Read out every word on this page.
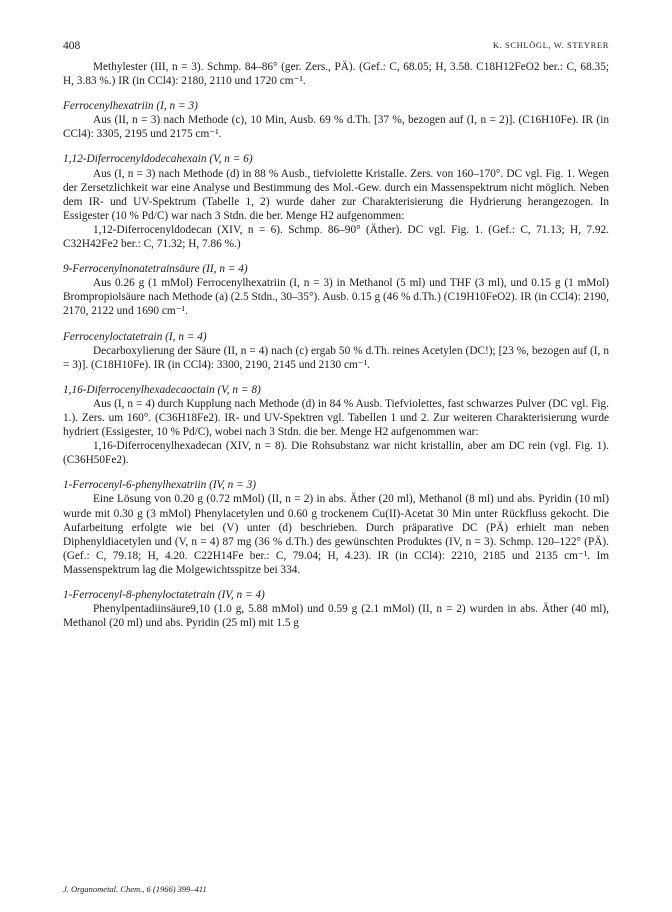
408	K. SCHLÖGL, W. STEYRER

Methylester (III, n = 3). Schmp. 84–86° (ger. Zers., PÄ). (Gef.: C, 68.05; H, 3.58. C18H12FeO2 ber.: C, 68.35; H, 3.83 %.) IR (in CCl4): 2180, 2110 und 1720 cm⁻¹.

Ferrocenylhexatriin (I, n = 3)

Aus (II, n = 3) nach Methode (c), 10 Min, Ausb. 69 % d.Th. [37 %, bezogen auf (I, n = 2)]. (C16H10Fe). IR (in CCl4): 3305, 2195 und 2175 cm⁻¹.

1,12-Diferrocenyldodecahexain (V, n = 6)

Aus (I, n = 3) nach Methode (d) in 88 % Ausb., tiefviolette Kristalle. Zers. von 160–170°. DC vgl. Fig. 1. Wegen der Zersetzlichkeit war eine Analyse und Bestimmung des Mol.-Gew. durch ein Massenspektrum nicht möglich. Neben dem IR- und UV-Spektrum (Tabelle 1, 2) wurde daher zur Charakterisierung die Hydrierung herangezogen. In Essigester (10 % Pd/C) war nach 3 Stdn. die ber. Menge H2 aufgenommen:

1,12-Diferrocenyldodecan (XIV, n = 6). Schmp. 86–90° (Äther). DC vgl. Fig. 1. (Gef.: C, 71.13; H, 7.92. C32H42Fe2 ber.: C, 71.32; H, 7.86 %.)

9-Ferrocenylnonatetrainsäure (II, n = 4)

Aus 0.26 g (1 mMol) Ferrocenylhexatriin (I, n = 3) in Methanol (5 ml) und THF (3 ml), und 0.15 g (1 mMol) Brompropiolsäure nach Methode (a) (2.5 Stdn., 30–35°). Ausb. 0.15 g (46 % d.Th.) (C19H10FeO2). IR (in CCl4): 2190, 2170, 2122 und 1690 cm⁻¹.

Ferrocenyloctatetrain (I, n = 4)

Decarboxylierung der Säure (II, n = 4) nach (c) ergab 50 % d.Th. reines Acetylen (DC!); [23 %, bezogen auf (I, n = 3)]. (C18H10Fe). IR (in CCl4): 3300, 2190, 2145 und 2130 cm⁻¹.

1,16-Diferrocenylhexadecaoctain (V, n = 8)

Aus (I, n = 4) durch Kupplung nach Methode (d) in 84 % Ausb. Tiefviolettes, fast schwarzes Pulver (DC vgl. Fig. 1.). Zers. um 160°. (C36H18Fe2). IR- und UV-Spektren vgl. Tabellen 1 und 2. Zur weiteren Charakterisierung wurde hydriert (Essigester, 10 % Pd/C), wobei nach 3 Stdn. die ber. Menge H2 aufgenommen war:

1,16-Diferrocenylhexadecan (XIV, n = 8). Die Rohsubstanz war nicht kristallin, aber am DC rein (vgl. Fig. 1). (C36H50Fe2).

1-Ferrocenyl-6-phenylhexatriin (IV, n = 3)

Eine Lösung von 0.20 g (0.72 mMol) (II, n = 2) in abs. Äther (20 ml), Methanol (8 ml) und abs. Pyridin (10 ml) wurde mit 0.30 g (3 mMol) Phenylacetylen und 0.60 g trockenem Cu(II)-Acetat 30 Min unter Rückfluss gekocht. Die Aufarbeitung erfolgte wie bei (V) unter (d) beschrieben. Durch präparative DC (PÄ) erhielt man neben Diphenyldiacetylen und (V, n = 4) 87 mg (36 % d.Th.) des gewünschten Produktes (IV, n = 3). Schmp. 120–122° (PÄ). (Gef.: C, 79.18; H, 4.20. C22H14Fe ber.: C, 79.04; H, 4.23). IR (in CCl4): 2210, 2185 und 2135 cm⁻¹. Im Massenspektrum lag die Molgewichtsspitze bei 334.

1-Ferrocenyl-8-phenyloctatetrain (IV, n = 4)

Phenylpentadiinsäure9,10 (1.0 g, 5.88 mMol) und 0.59 g (2.1 mMol) (II, n = 2) wurden in abs. Äther (40 ml), Methanol (20 ml) und abs. Pyridin (25 ml) mit 1.5 g

J. Organometal. Chem., 6 (1966) 399–411
